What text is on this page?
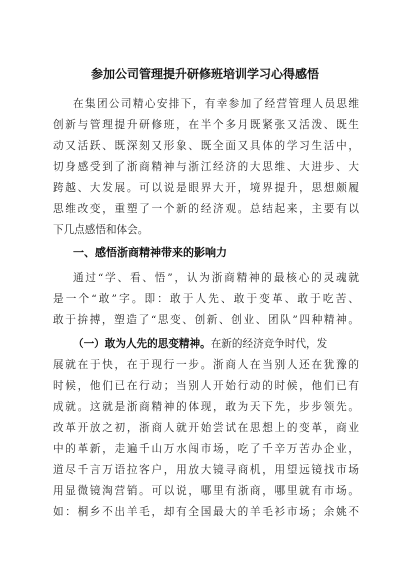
参加公司管理提升研修班培训学习心得感悟
在集团公司精心安排下，有幸参加了经营管理人员思维
创新与管理提升研修班，在半个多月既紧张又活泼、既生
动又活跃、既深刻又形象、既全面又具体的学习生活中，
切身感受到了浙商精神与浙江经济的大思维、大进步、大
跨越、大发展。可以说是眼界大开，境界提升，思想颇履
思维改变，重塑了一个新的经济观。总结起来，主要有以
下几点感悟和体会。
一、感悟浙商精神带来的影响力
通过“学、看、悟”，认为浙商精神的最核心的灵魂就
是一个“敢”字。即：敢于人先、敢于变革、敢于吃苦、
敢于拚搏，塑造了“思变、创新、创业、团队”四种精神。
（一）敢为人先的思变精神。在新的经济竞争时代，发
展就在于快，在于现行一步。浙商人在当别人还在犹豫的
时候，他们已在行动；当别人开始行动的时候，他们已有
成就。这就是浙商精神的体现，敢为天下先，步步领先。
改革开放之初，浙商人就开始尝试在思想上的变革，商业
中的革新，走遍千山万水闯市场，吃了千辛万苦办企业，
道尽千言万语拉客户，用放大镜寻商机，用望远镜找市场
用显微镜淘营销。可以说，哪里有浙商，哪里就有市场。
如：桐乡不出羊毛，却有全国最大的羊毛衫市场；余姚不
